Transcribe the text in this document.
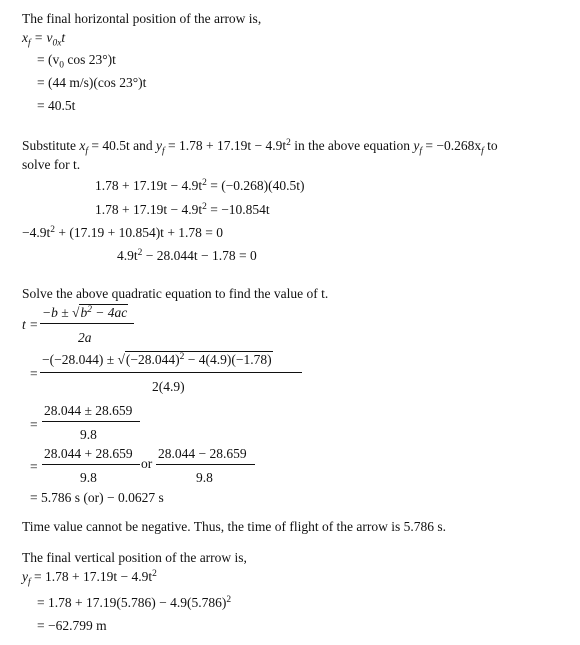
The final horizontal position of the arrow is,
$x_f = v_{0x}t$
= ($v_0$ cos 23°)t
= (44 m/s)(cos 23°)t
= 40.5t
Substitute $x_f = 40.5t$ and $y_f = 1.78 + 17.19t - 4.9t^2$ in the above equation $y_f = -0.268x_f$ to
solve for t.
$1.78 + 17.19t - 4.9t^2 = (-0.268)(40.5t)$
$1.78 + 17.19t - 4.9t^2 = -10.854t$
$-4.9t^2 + (17.19 + 10.854)t + 1.78 = 0$
$4.9t^2 - 28.044t - 1.78 = 0$
Solve the above quadratic equation to find the value of t.
t =
$-b \pm √b^2 - 4ac$
2a
=
$-(-28.044) \pm √(-28.044)^2 - 4(4.9)(-1.78)$
2(4.9)
=
28.044 ± 28.659
9.8
=
28.044 + 28.659
9.8
or
28.044 − 28.659
9.8
= 5.786 s (or) − 0.0627 s
Time value cannot be negative. Thus, the time of flight of the arrow is 5.786 s.
The final vertical position of the arrow is,
$y_f = 1.78 + 17.19t - 4.9t^2$
= $1.78 + 17.19(5.786) - 4.9(5.786)^2$
= −62.799 m
